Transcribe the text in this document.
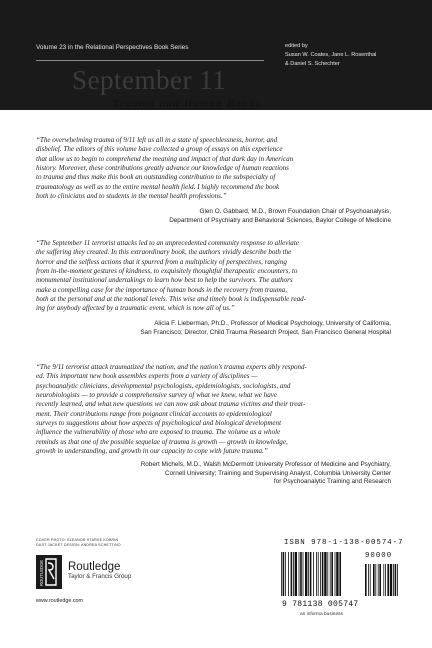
Volume 23 in the Relational Perspectives Book Series
September 11
Trauma and Human Bonds
edited by
Susan W. Coates, Jane L. Rosenthal
& Daniel S. Schechter
“The overwhelming trauma of 9/11 left us all in a state of speechlessness, horror, and
disbelief. The editors of this volume have collected a group of essays on this experience
that allow us to begin to comprehend the meaning and impact of that dark day in American
history. Moreover, these contributions greatly advance our knowledge of human reactions
to trauma and thus make this book an outstanding contribution to the subspecialty of
traumatology as well as to the entire mental health field. I highly recommend the book
both to clinicians and to students in the mental health professions.”
Glen O. Gabbard, M.D., Brown Foundation Chair of Psychoanalysis,
Department of Psychiatry and Behavioral Sciences, Baylor College of Medicine
“The September 11 terrorist attacks led to an unprecedented community response to alleviate
the suffering they created. In this extraordinary book, the authors vividly describe both the
horror and the selfless actions that it spurred from a multiplicity of perspectives, ranging
from in-the-moment gestures of kindness, to exquisitely thoughtful therapeutic encounters, to
monumental institutional undertakings to learn how best to help the survivors. The authors
make a compelling case for the importance of human bonds in the recovery from trauma,
both at the personal and at the national levels. This wise and timely book is indispensable read-
ing for anybody affected by a traumatic event, which is now all of us.”
Alicia F. Lieberman, Ph.D., Professor of Medical Psychology, University of California,
San Francisco; Director, Child Trauma Research Project, San Francisco General Hospital
“The 9/11 terrorist attack traumatized the nation, and the nation’s trauma experts ably respond-
ed. This important new book assembles experts from a variety of disciplines —
psychoanalytic clinicians, developmental psychologists, epidemiologists, sociologists, and
neurobiologists — to provide a comprehensive survey of what we knew, what we have
recently learned, and what new questions we can now ask about trauma victims and their treat-
ment. Their contributions range from poignant clinical accounts to epidemiological
surveys to suggestions about how aspects of psychological and biological development
influence the vulnerability of those who are exposed to trauma. The volume as a whole
reminds us that one of the possible sequelae of trauma is growth — growth in knowledge,
growth in understanding, and growth in our capacity to cope with future trauma.”
Robert Michels, M.D., Walsh McDermott University Professor of Medicine and Psychiatry,
Cornell University; Training and Supervising Analyst, Columbia University Center
for Psychoanalytic Training and Research
COVER PHOTO: ELEANOR STARKE KOBRIN
DUST JACKET DESIGN: ANDREA SCHETTINO
ROUTLEDGE Routledge
Taylor & Francis Group
www.routledge.com
ISBN 978-1-138-00574-7
90000
9 781138 005747
an informa business
